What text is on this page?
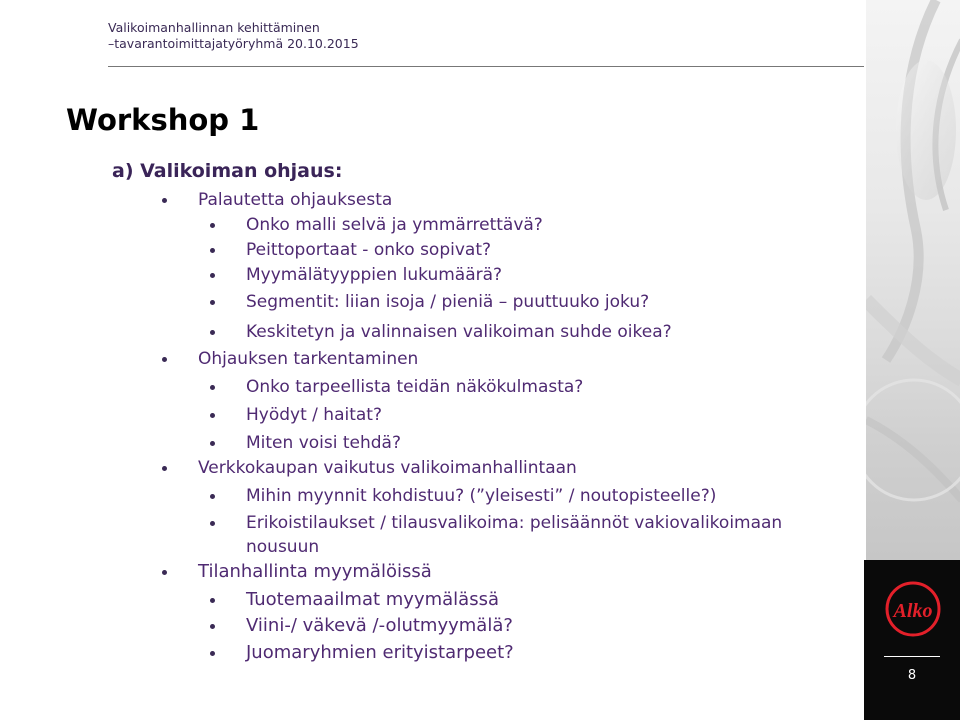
Valikoimanhallinnan kehittäminen
–tavarantoimittajatyöryhmä 20.10.2015
Alko
8
Workshop 1
a) Valikoiman ohjaus:
Palautetta ohjauksesta
Onko malli selvä ja ymmärrettävä?
Peittoportaat - onko sopivat?
Myymälätyyppien lukumäärä?
Segmentit: liian isoja / pieniä – puuttuuko joku?
Keskitetyn ja valinnaisen valikoiman suhde oikea?
Ohjauksen tarkentaminen
Onko tarpeellista teidän näkökulmasta?
Hyödyt / haitat?
Miten voisi tehdä?
Verkkokaupan vaikutus valikoimanhallintaan
Mihin myynnit kohdistuu? (”yleisesti” / noutopisteelle?)
Erikoistilaukset / tilausvalikoima: pelisäännöt vakiovalikoimaan nousuun
Tilanhallinta myymälöissä
Tuotemaailmat myymälässä
Viini-/ väkevä /-olutmyymälä?
Juomaryhmien erityistarpeet?
